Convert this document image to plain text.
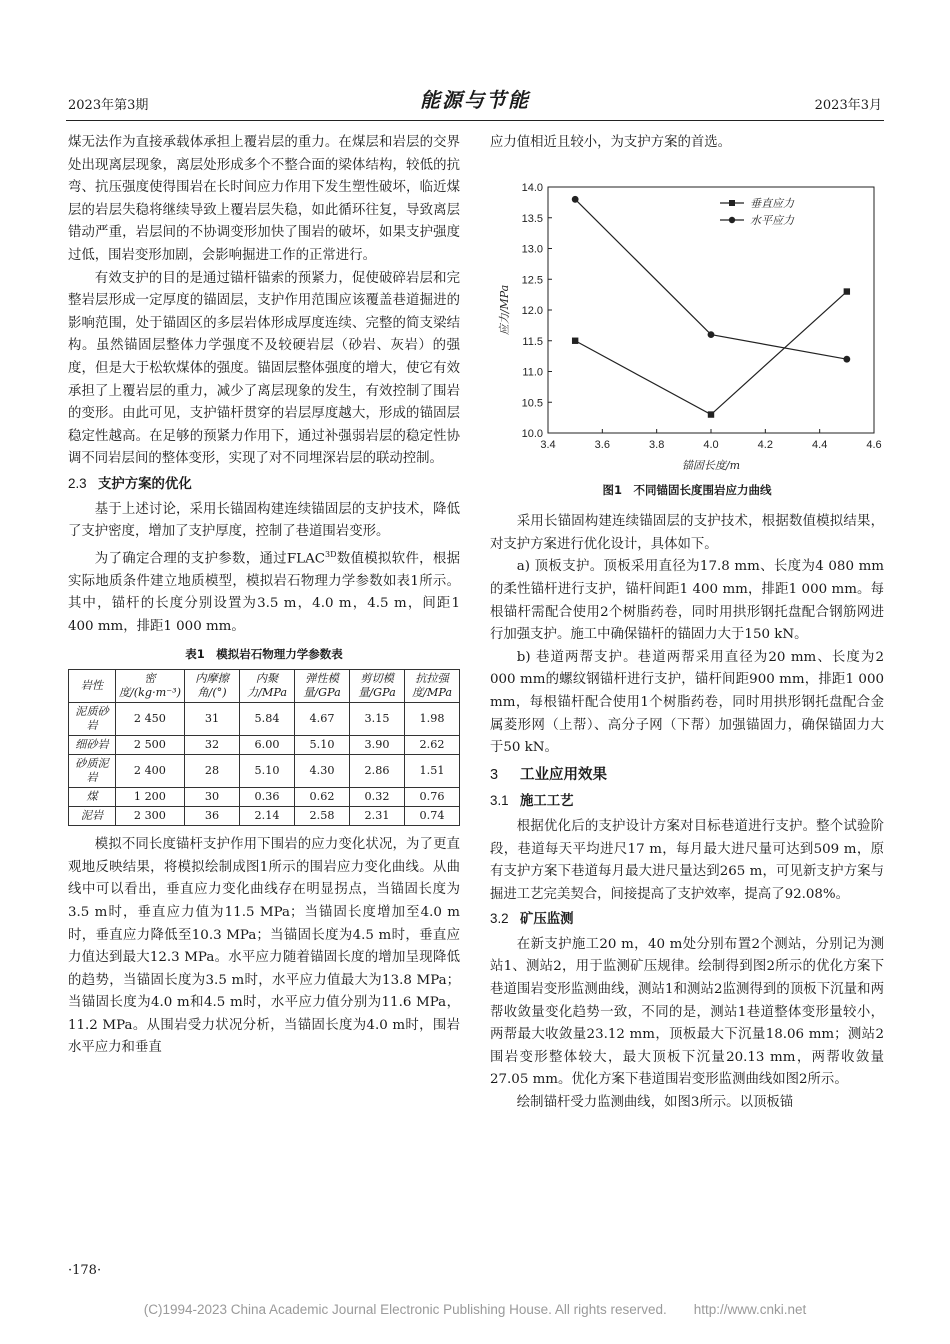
2023年第3期	能源与节能	2023年3月

煤无法作为直接承载体承担上覆岩层的重力。在煤层和岩层的交界处出现离层现象，离层处形成多个不整合面的梁体结构，较低的抗弯、抗压强度使得围岩在长时间应力作用下发生塑性破坏，临近煤层的岩层失稳将继续导致上覆岩层失稳，如此循环往复，导致离层错动严重，岩层间的不协调变形加快了围岩的破坏，如果支护强度过低，围岩变形加剧，会影响掘进工作的正常进行。

有效支护的目的是通过锚杆锚索的预紧力，促使破碎岩层和完整岩层形成一定厚度的锚固层，支护作用范围应该覆盖巷道掘进的影响范围，处于锚固区的多层岩体形成厚度连续、完整的简支梁结构。虽然锚固层整体力学强度不及较硬岩层（砂岩、灰岩）的强度，但是大于松软煤体的强度。锚固层整体强度的增大，使它有效承担了上覆岩层的重力，减少了离层现象的发生，有效控制了围岩的变形。由此可见，支护锚杆贯穿的岩层厚度越大，形成的锚固层稳定性越高。在足够的预紧力作用下，通过补强弱岩层的稳定性协调不同岩层间的整体变形，实现了对不同埋深岩层的联动控制。

2.3 支护方案的优化

基于上述讨论，采用长锚固构建连续锚固层的支护技术，降低了支护密度，增加了支护厚度，控制了巷道围岩变形。

为了确定合理的支护参数，通过$FLAC^{3D}$数值模拟软件，根据实际地质条件建立地质模型，模拟岩石物理力学参数如表1所示。其中，锚杆的长度分别设置为3.5 m，4.0 m，4.5 m，间距1 400 mm，排距1 000 mm。

表1　模拟岩石物理力学参数表
岩性	密度/(kg·m⁻³)	内摩擦角/(°)	内聚力/MPa	弹性模量/GPa	剪切模量/GPa	抗拉强度/MPa
泥质砂岩	2 450	31	5.84	4.67	3.15	1.98
细砂岩	2 500	32	6.00	5.10	3.90	2.62
砂质泥岩	2 400	28	5.10	4.30	2.86	1.51
煤	1 200	30	0.36	0.62	0.32	0.76
泥岩	2 300	36	2.14	2.58	2.31	0.74

模拟不同长度锚杆支护作用下围岩的应力变化状况，为了更直观地反映结果，将模拟绘制成图1所示的围岩应力变化曲线。从曲线中可以看出，垂直应力变化曲线存在明显拐点，当锚固长度为3.5 m时，垂直应力值为11.5 MPa；当锚固长度增加至4.0 m时，垂直应力降低至10.3 MPa；当锚固长度为4.5 m时，垂直应力值达到最大12.3 MPa。水平应力随着锚固长度的增加呈现降低的趋势，当锚固长度为3.5 m时，水平应力值最大为13.8 MPa；当锚固长度为4.0 m和4.5 m时，水平应力值分别为11.6 MPa，11.2 MPa。从围岩受力状况分析，当锚固长度为4.0 m时，围岩水平应力和垂直

应力值相近且较小，为支护方案的首选。

3.4	3.6	3.8	4.0	4.2	4.4	4.6
10.0
10.5
11.0
11.5
12.0
12.5
13.0
13.5
14.0
锚固长度/m
应力/MPa
垂直应力
水平应力
图1　不同锚固长度围岩应力曲线

采用长锚固构建连续锚固层的支护技术，根据数值模拟结果，对支护方案进行优化设计，具体如下。

a) 顶板支护。顶板采用直径为17.8 mm、长度为4 080 mm的柔性锚杆进行支护，锚杆间距1 400 mm，排距1 000 mm。每根锚杆需配合使用2个树脂药卷，同时用拱形钢托盘配合钢筋网进行加强支护。施工中确保锚杆的锚固力大于150 kN。

b) 巷道两帮支护。巷道两帮采用直径为20 mm、长度为2 000 mm的螺纹钢锚杆进行支护，锚杆间距900 mm，排距1 000 mm，每根锚杆配合使用1个树脂药卷，同时用拱形钢托盘配合金属菱形网（上帮）、高分子网（下帮）加强锚固力，确保锚固力大于50 kN。

3 工业应用效果
3.1 施工工艺

根据优化后的支护设计方案对目标巷道进行支护。整个试验阶段，巷道每天平均进尺17 m，每月最大进尺量可达到509 m，原有支护方案下巷道每月最大进尺量达到265 m，可见新支护方案与掘进工艺完美契合，间接提高了支护效率，提高了92.08%。

3.2 矿压监测

在新支护施工20 m，40 m处分别布置2个测站，分别记为测站1、测站2，用于监测矿压规律。绘制得到图2所示的优化方案下巷道围岩变形监测曲线，测站1和测站2监测得到的顶板下沉量和两帮收敛量变化趋势一致，不同的是，测站1巷道整体变形量较小，两帮最大收敛量23.12 mm，顶板最大下沉量18.06 mm；测站2围岩变形整体较大，最大顶板下沉量20.13 mm，两帮收敛量27.05 mm。优化方案下巷道围岩变形监测曲线如图2所示。

绘制锚杆受力监测曲线，如图3所示。以顶板锚

·178·
(C)1994-2023 China Academic Journal Electronic Publishing House. All rights reserved.　　http://www.cnki.net
